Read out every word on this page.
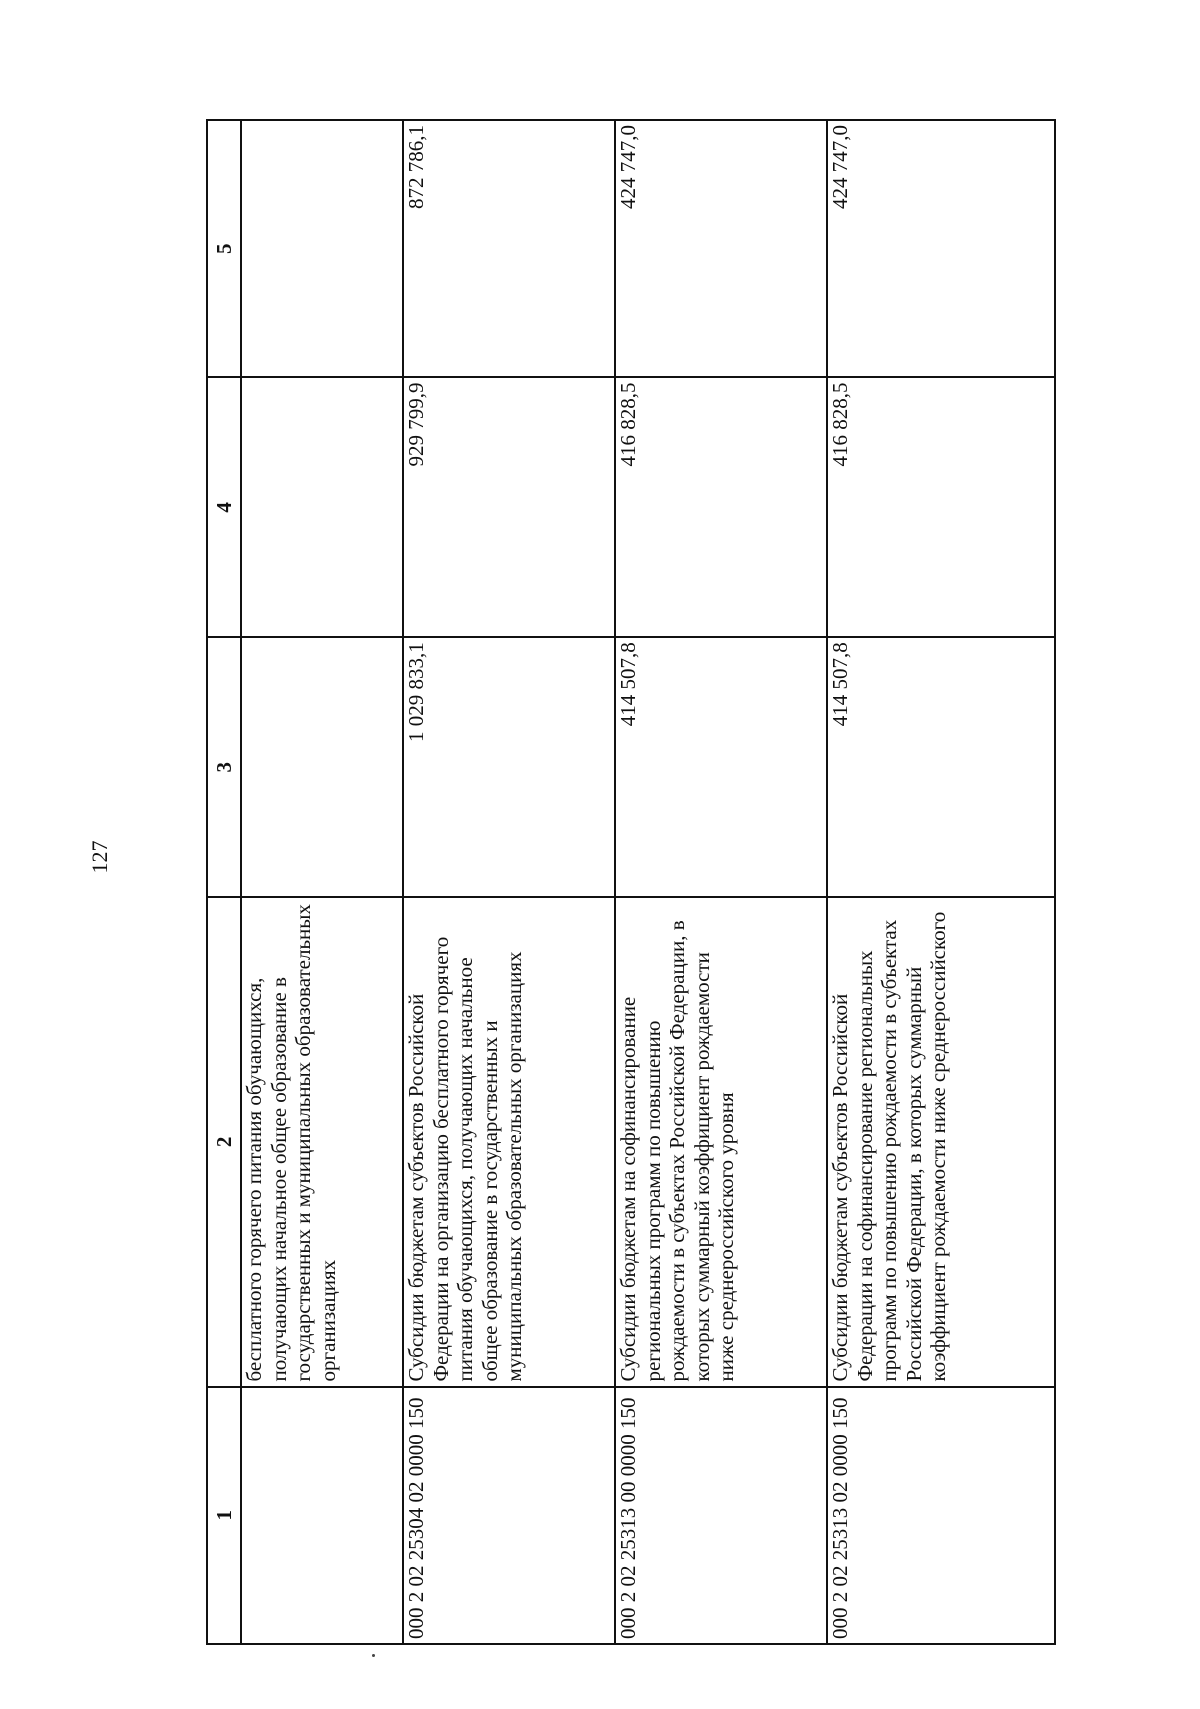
127
1	2	3	4	5
	бесплатного горячего питания обучающихся, получающих начальное общее образование в государственных и муниципальных образовательных организациях			
000 2 02 25304 02 0000 150	Субсидии бюджетам субъектов Российской Федерации на организацию бесплатного горячего питания обучающихся, получающих начальное общее образование в государственных и муниципальных образовательных организациях	1 029 833,1	929 799,9	872 786,1
000 2 02 25313 00 0000 150	Субсидии бюджетам на софинансирование региональных программ по повышению рождаемости в субъектах Российской Федерации, в которых суммарный коэффициент рождаемости ниже среднероссийского уровня	414 507,8	416 828,5	424 747,0
000 2 02 25313 02 0000 150	Субсидии бюджетам субъектов Российской Федерации на софинансирование региональных программ по повышению рождаемости в субъектах Российской Федерации, в которых суммарный коэффициент рождаемости ниже среднероссийского	414 507,8	416 828,5	424 747,0
